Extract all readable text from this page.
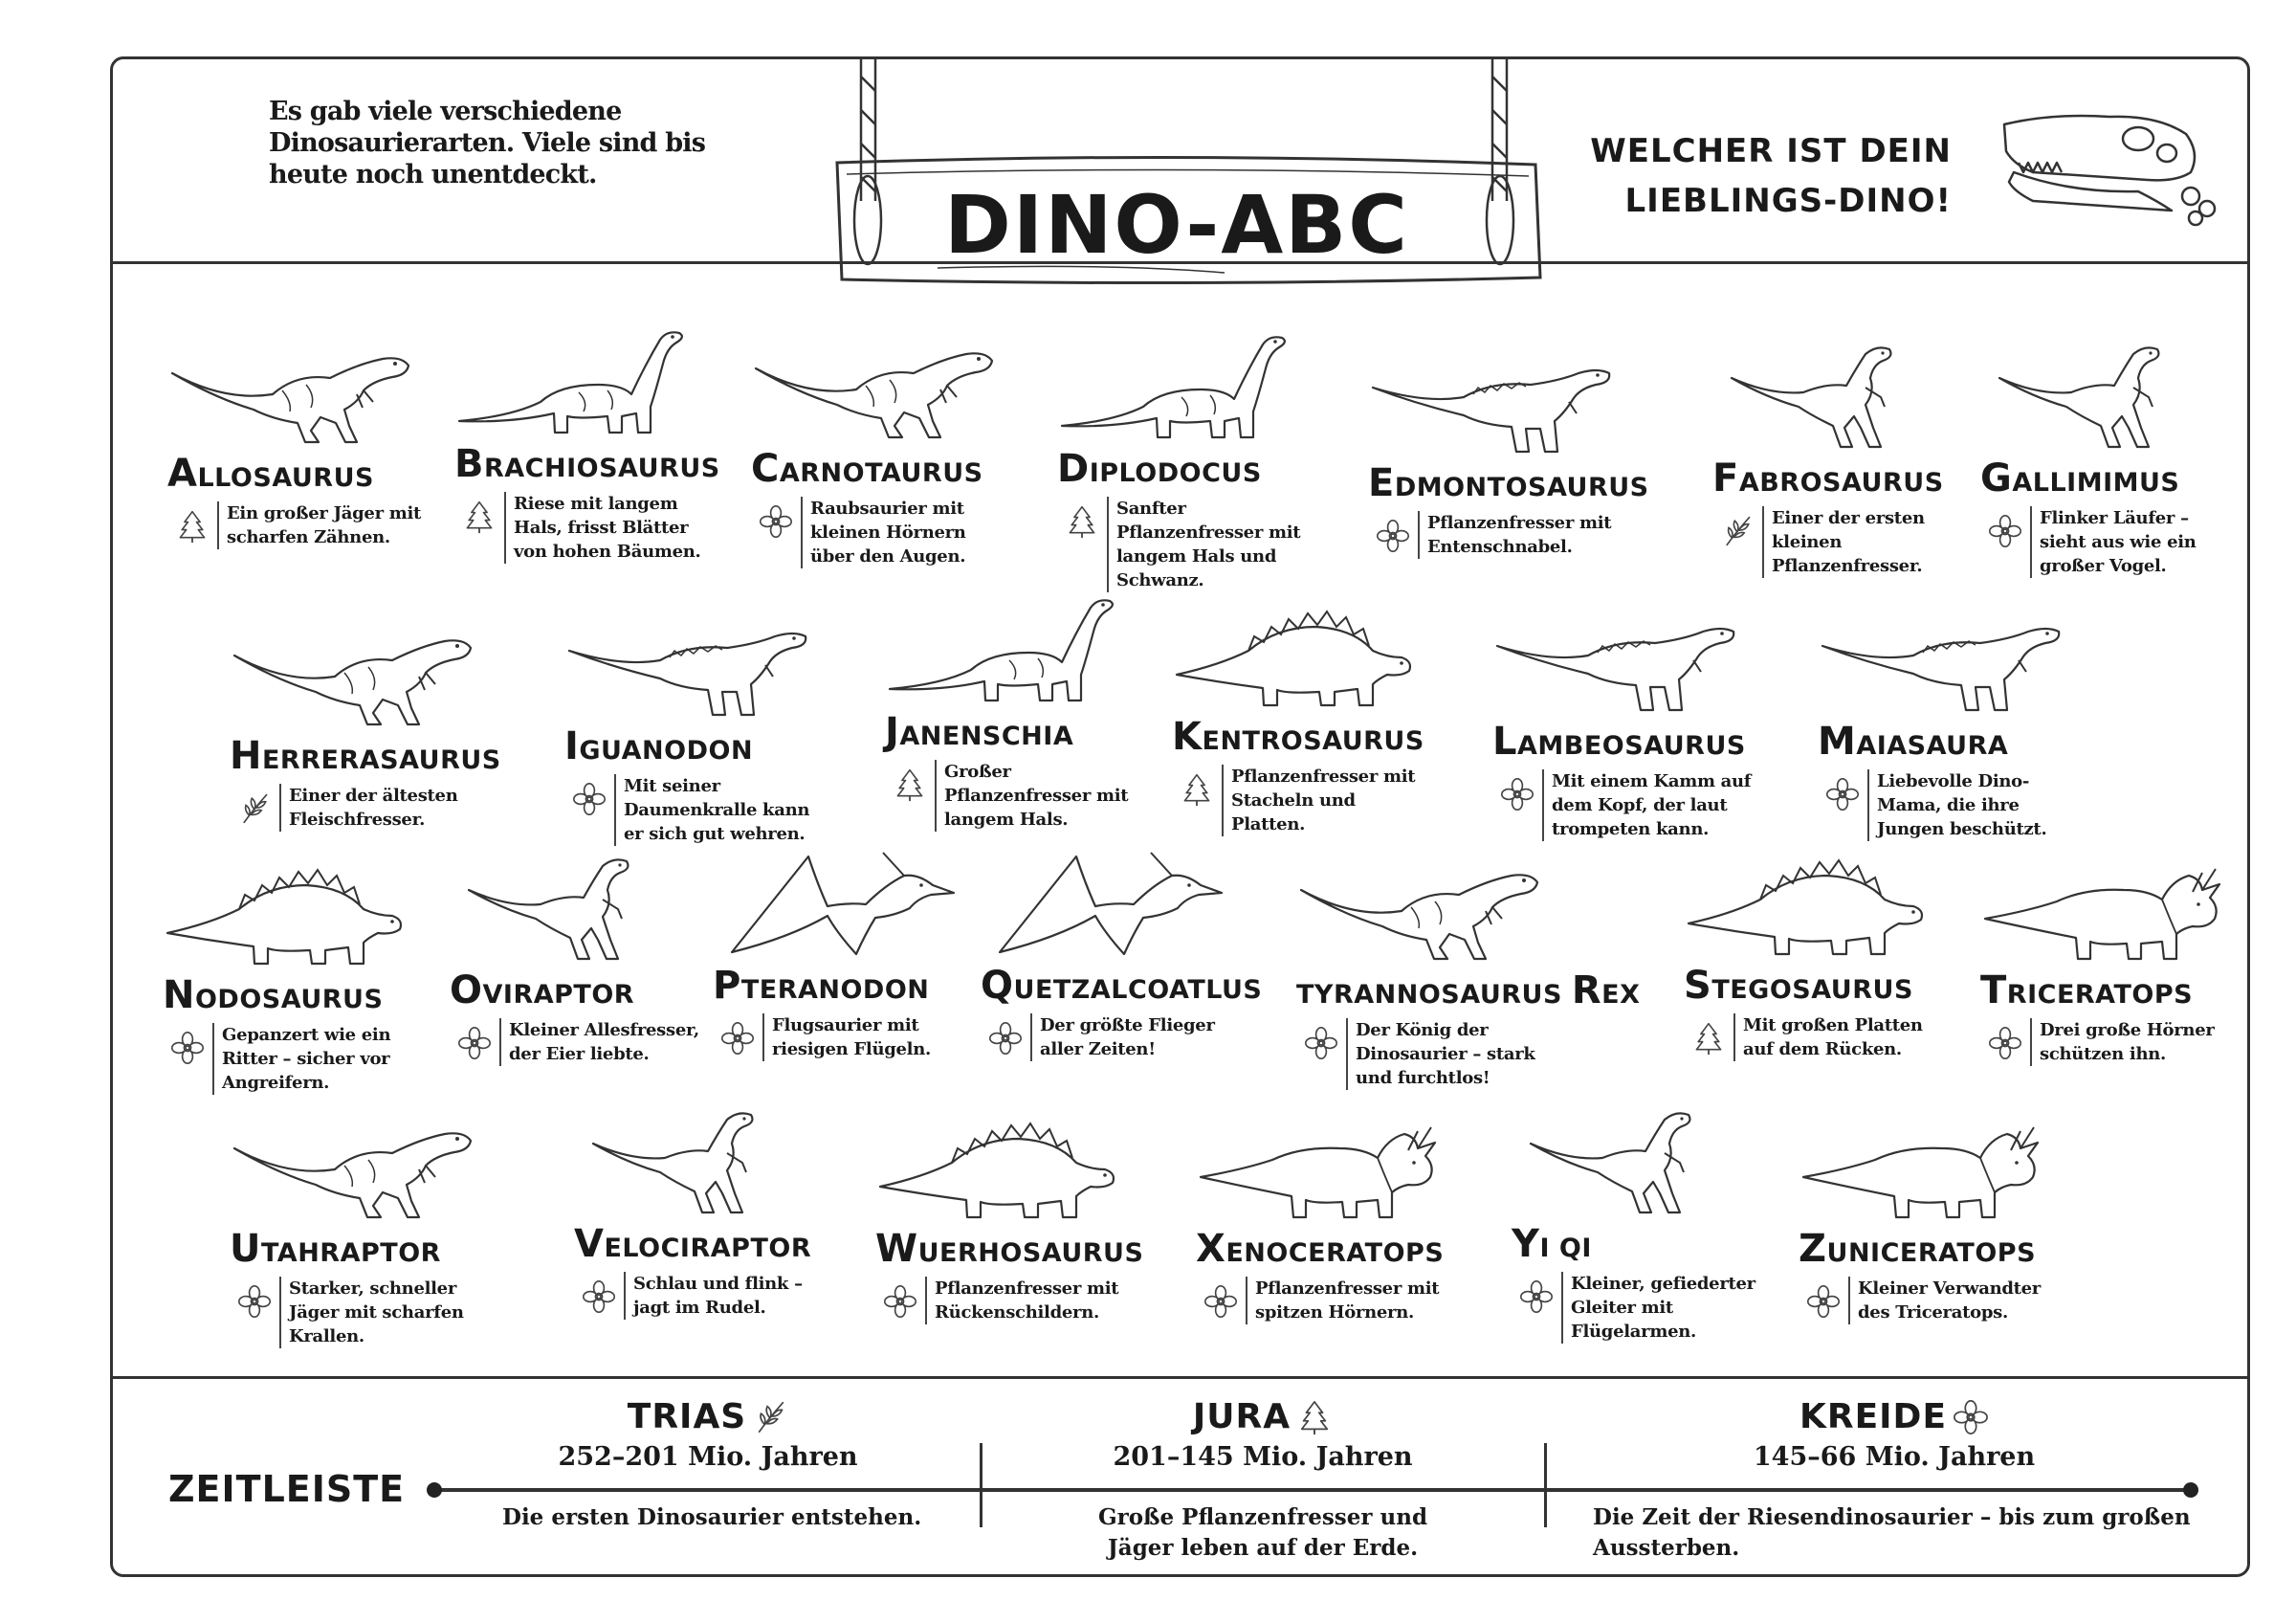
Es gab viele verschiedene
Dinosaurierarten. Viele sind bis
heute noch unentdeckt.
DINO-ABC
WELCHER IST DEIN
LIEBLINGS-DINO!
ALLOSAURUS
Ein großer Jäger mit scharfen Zähnen.
BRACHIOSAURUS
Riese mit langem Hals, frisst Blätter von hohen Bäumen.
CARNOTAURUS
Raubsaurier mit kleinen Hörnern über den Augen.
DIPLODOCUS
Sanfter Pflanzenfresser mit langem Hals und Schwanz.
EDMONTOSAURUS
Pflanzenfresser mit Entenschnabel.
FABROSAURUS
Einer der ersten kleinen Pflanzenfresser.
GALLIMIMUS
Flinker Läufer – sieht aus wie ein großer Vogel.
HERRERASAURUS
Einer der ältesten Fleischfresser.
IGUANODON
Mit seiner Daumenkralle kann er sich gut wehren.
JANENSCHIA
Großer Pflanzenfresser mit langem Hals.
KENTROSAURUS
Pflanzenfresser mit Stacheln und Platten.
LAMBEOSAURUS
Mit einem Kamm auf dem Kopf, der laut trompeten kann.
MAIASAURA
Liebevolle Dino-Mama, die ihre Jungen beschützt.
NODOSAURUS
Gepanzert wie ein Ritter – sicher vor Angreifern.
OVIRAPTOR
Kleiner Allesfresser, der Eier liebte.
PTERANODON
Flugsaurier mit riesigen Flügeln.
QUETZALCOATLUS
Der größte Flieger aller Zeiten!
TYRANNOSAURUS REX
Der König der Dinosaurier – stark und furchtlos!
STEGOSAURUS
Mit großen Platten auf dem Rücken.
TRICERATOPS
Drei große Hörner schützen ihn.
UTAHRAPTOR
Starker, schneller Jäger mit scharfen Krallen.
VELOCIRAPTOR
Schlau und flink – jagt im Rudel.
WUERHOSAURUS
Pflanzenfresser mit Rückenschildern.
XENOCERATOPS
Pflanzenfresser mit spitzen Hörnern.
YI QI
Kleiner, gefiederter Gleiter mit Flügelarmen.
ZUNICERATOPS
Kleiner Verwandter des Triceratops.
ZEITLEISTE
TRIAS
252–201 Mio. Jahren
Die ersten Dinosaurier entstehen.
JURA
201–145 Mio. Jahren
Große Pflanzenfresser und
Jäger leben auf der Erde.
KREIDE
145–66 Mio. Jahren
Die Zeit der Riesendinosaurier – bis zum großen
Aussterben.
